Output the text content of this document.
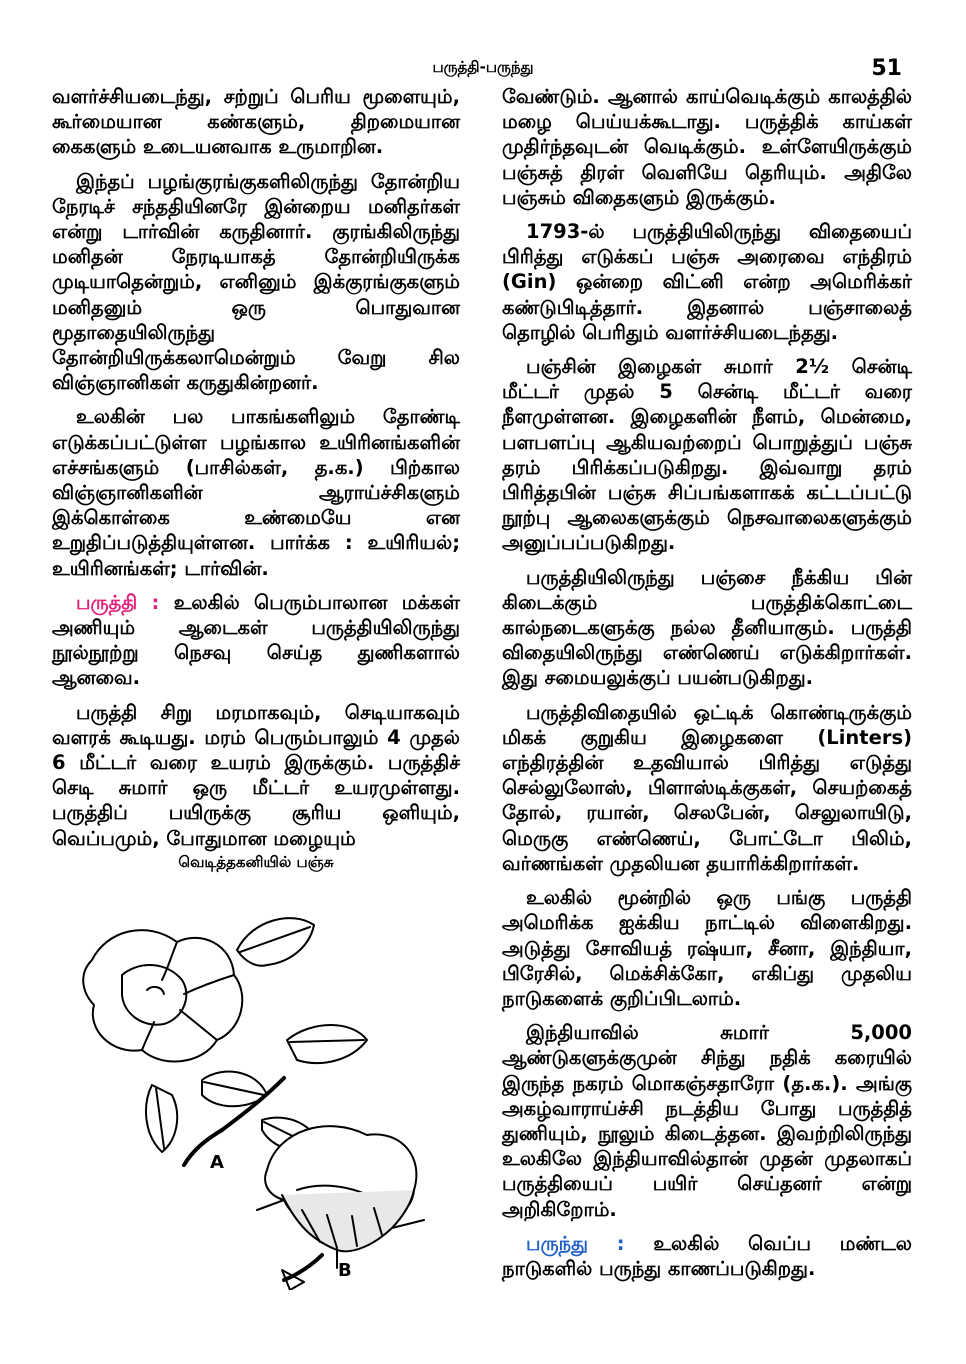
பருத்தி-பருந்து	51

வளர்ச்சியடைந்து, சற்றுப் பெரிய மூளையும், கூர்மையான கண்களும், திறமையான கைகளும் உடையனவாக உருமாறின.

இந்தப் பழங்குரங்குகளிலிருந்து தோன்றிய நேரடிச் சந்ததியினரே இன்றைய மனிதர்கள் என்று டார்வின் கருதினார். குரங்கிலிருந்து மனிதன் நேரடியாகத் தோன்றியிருக்க முடியாதென்றும், எனினும் இக்குரங்குகளும் மனிதனும் ஒரு பொதுவான மூதாதையிலிருந்து தோன்றியிருக்கலாமென்றும் வேறு சில விஞ்ஞானிகள் கருதுகின்றனர்.

உலகின் பல பாகங்களிலும் தோண்டி எடுக்கப்பட்டுள்ள பழங்கால உயிரினங்களின் எச்சங்களும் (பாசில்கள், த.க.) பிற்கால விஞ்ஞானிகளின் ஆராய்ச்சிகளும் இக்கொள்கை உண்மையே என உறுதிப்படுத்தியுள்ளன. பார்க்க : உயிரியல்; உயிரினங்கள்; டார்வின்.

பருத்தி : உலகில் பெரும்பாலான மக்கள் அணியும் ஆடைகள் பருத்தியிலிருந்து நூல்நூற்று நெசவு செய்த துணிகளால் ஆனவை.

பருத்தி சிறு மரமாகவும், செடியாகவும் வளரக் கூடியது. மரம் பெரும்பாலும் 4 முதல் 6 மீட்டர் வரை உயரம் இருக்கும். பருத்திச் செடி சுமார் ஒரு மீட்டர் உயரமுள்ளது. பருத்திப் பயிருக்கு சூரிய ஒளியும், வெப்பமும், போதுமான மழையும்

வெடித்தகனியில் பஞ்சு
A
B

வேண்டும். ஆனால் காய்வெடிக்கும் காலத்தில் மழை பெய்யக்கூடாது. பருத்திக் காய்கள் முதிர்ந்தவுடன் வெடிக்கும். உள்ளேயிருக்கும் பஞ்சுத் திரள் வெளியே தெரியும். அதிலே பஞ்சும் விதைகளும் இருக்கும்.

1793-ல் பருத்தியிலிருந்து விதையைப் பிரித்து எடுக்கப் பஞ்சு அரைவை எந்திரம் (Gin) ஒன்றை விட்னி என்ற அமெரிக்கர் கண்டுபிடித்தார். இதனால் பஞ்சாலைத் தொழில் பெரிதும் வளர்ச்சியடைந்தது.

பஞ்சின் இழைகள் சுமார் 2½ சென்டி மீட்டர் முதல் 5 சென்டி மீட்டர் வரை நீளமுள்ளன. இழைகளின் நீளம், மென்மை, பளபளப்பு ஆகியவற்றைப் பொறுத்துப் பஞ்சு தரம் பிரிக்கப்படுகிறது. இவ்வாறு தரம் பிரித்தபின் பஞ்சு சிப்பங்களாகக் கட்டப்பட்டு நூற்பு ஆலைகளுக்கும் நெசவாலைகளுக்கும் அனுப்பப்படுகிறது.

பருத்தியிலிருந்து பஞ்சை நீக்கிய பின் கிடைக்கும் பருத்திக்கொட்டை கால்நடைகளுக்கு நல்ல தீனியாகும். பருத்தி விதையிலிருந்து எண்ணெய் எடுக்கிறார்கள். இது சமையலுக்குப் பயன்படுகிறது.

பருத்திவிதையில் ஒட்டிக் கொண்டிருக்கும் மிகக் குறுகிய இழைகளை (Linters) எந்திரத்தின் உதவியால் பிரித்து எடுத்து செல்லுலோஸ், பிளாஸ்டிக்குகள், செயற்கைத் தோல், ரயான், செலபேன், செலுலாயிடு, மெருகு எண்ணெய், போட்டோ பிலிம், வர்ணங்கள் முதலியன தயாரிக்கிறார்கள்.

உலகில் மூன்றில் ஒரு பங்கு பருத்தி அமெரிக்க ஐக்கிய நாட்டில் விளைகிறது. அடுத்து சோவியத் ரஷ்யா, சீனா, இந்தியா, பிரேசில், மெக்சிக்கோ, எகிப்து முதலிய நாடுகளைக் குறிப்பிடலாம்.

இந்தியாவில் சுமார் 5,000 ஆண்டுகளுக்குமுன் சிந்து நதிக் கரையில் இருந்த நகரம் மொகஞ்சதாரோ (த.க.). அங்கு அகழ்வாராய்ச்சி நடத்திய போது பருத்தித் துணியும், நூலும் கிடைத்தன. இவற்றிலிருந்து உலகிலே இந்தியாவில்தான் முதன் முதலாகப் பருத்தியைப் பயிர் செய்தனர் என்று அறிகிறோம்.

பருந்து : உலகில் வெப்ப மண்டல நாடுகளில் பருந்து காணப்படுகிறது.
